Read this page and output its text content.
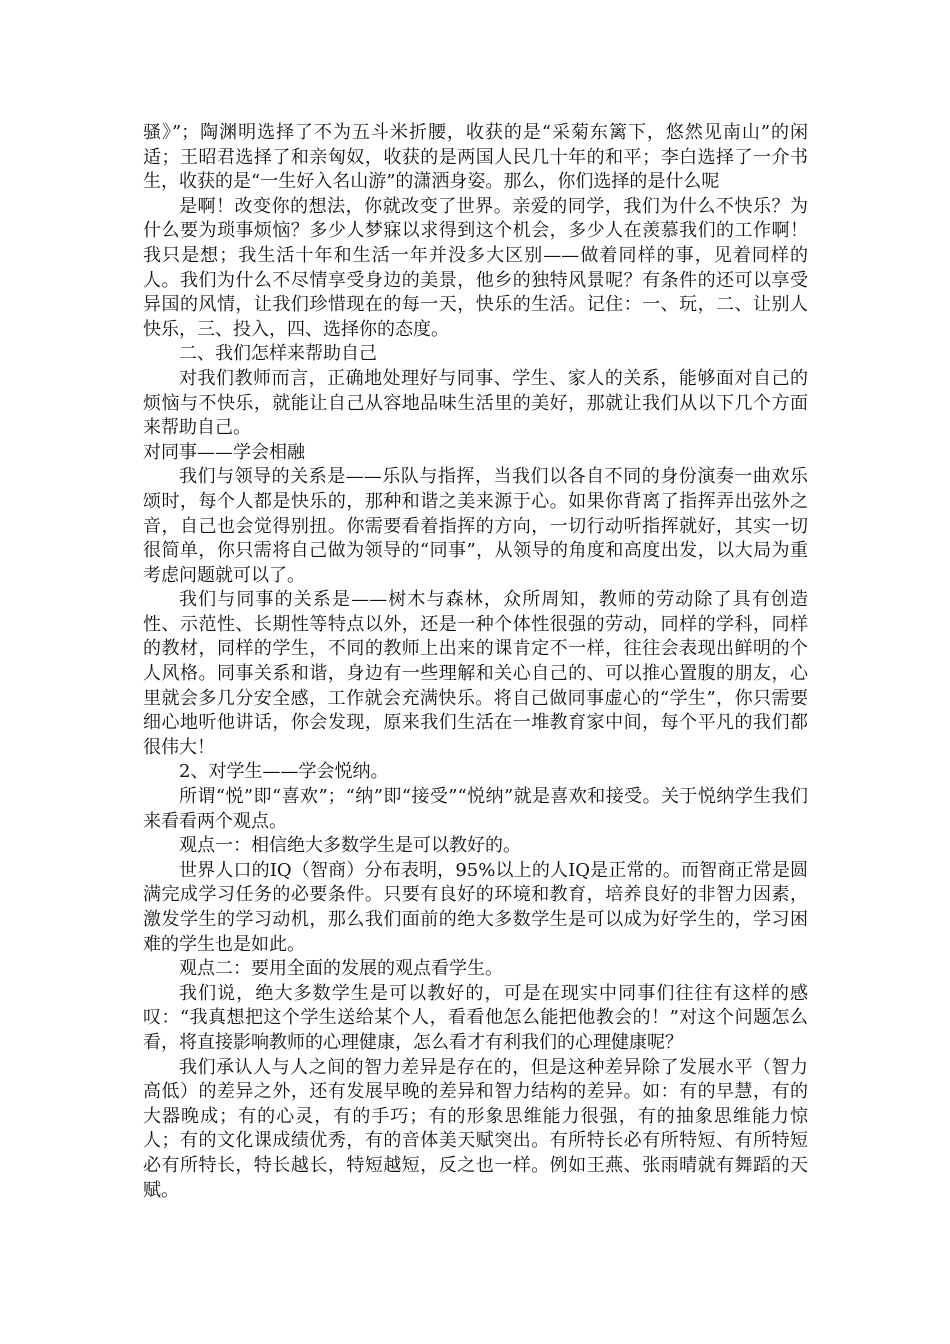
骚》”；陶渊明选择了不为五斗米折腰，收获的是“采菊东篱下，悠然见南山”的闲适；王昭君选择了和亲匈奴，收获的是两国人民几十年的和平；李白选择了一介书生，收获的是“一生好入名山游”的潇洒身姿。那么，你们选择的是什么呢

是啊！改变你的想法，你就改变了世界。亲爱的同学，我们为什么不快乐？为什么要为琐事烦恼？多少人梦寐以求得到这个机会，多少人在羡慕我们的工作啊！我只是想；我生活十年和生活一年并没多大区别——做着同样的事，见着同样的人。我们为什么不尽情享受身边的美景，他乡的独特风景呢？有条件的还可以享受异国的风情，让我们珍惜现在的每一天，快乐的生活。记住：一、玩，二、让别人快乐，三、投入，四、选择你的态度。

二、我们怎样来帮助自己

对我们教师而言，正确地处理好与同事、学生、家人的关系，能够面对自己的烦恼与不快乐，就能让自己从容地品味生活里的美好，那就让我们从以下几个方面来帮助自己。

对同事——学会相融

我们与领导的关系是——乐队与指挥，当我们以各自不同的身份演奏一曲欢乐颂时，每个人都是快乐的，那种和谐之美来源于心。如果你背离了指挥弄出弦外之音，自己也会觉得别扭。你需要看着指挥的方向，一切行动听指挥就好，其实一切很简单，你只需将自己做为领导的“同事”，从领导的角度和高度出发，以大局为重考虑问题就可以了。

我们与同事的关系是——树木与森林，众所周知，教师的劳动除了具有创造性、示范性、长期性等特点以外，还是一种个体性很强的劳动，同样的学科，同样的教材，同样的学生，不同的教师上出来的课肯定不一样，往往会表现出鲜明的个人风格。同事关系和谐，身边有一些理解和关心自己的、可以推心置腹的朋友，心里就会多几分安全感，工作就会充满快乐。将自己做同事虚心的“学生”，你只需要细心地听他讲话，你会发现，原来我们生活在一堆教育家中间，每个平凡的我们都很伟大！

2、对学生——学会悦纳。

所谓“悦”即“喜欢”；“纳”即“接受”“悦纳”就是喜欢和接受。关于悦纳学生我们来看看两个观点。

观点一：相信绝大多数学生是可以教好的。

世界人口的IQ（智商）分布表明，95%以上的人IQ是正常的。而智商正常是圆满完成学习任务的必要条件。只要有良好的环境和教育，培养良好的非智力因素，激发学生的学习动机，那么我们面前的绝大多数学生是可以成为好学生的，学习困难的学生也是如此。

观点二：要用全面的发展的观点看学生。

我们说，绝大多数学生是可以教好的，可是在现实中同事们往往有这样的感叹：“我真想把这个学生送给某个人，看看他怎么能把他教会的！”对这个问题怎么看，将直接影响教师的心理健康，怎么看才有利我们的心理健康呢？

我们承认人与人之间的智力差异是存在的，但是这种差异除了发展水平（智力高低）的差异之外，还有发展早晚的差异和智力结构的差异。如：有的早慧，有的大器晚成；有的心灵，有的手巧；有的形象思维能力很强，有的抽象思维能力惊人；有的文化课成绩优秀，有的音体美天赋突出。有所特长必有所特短、有所特短必有所特长，特长越长，特短越短，反之也一样。例如王燕、张雨晴就有舞蹈的天赋。
